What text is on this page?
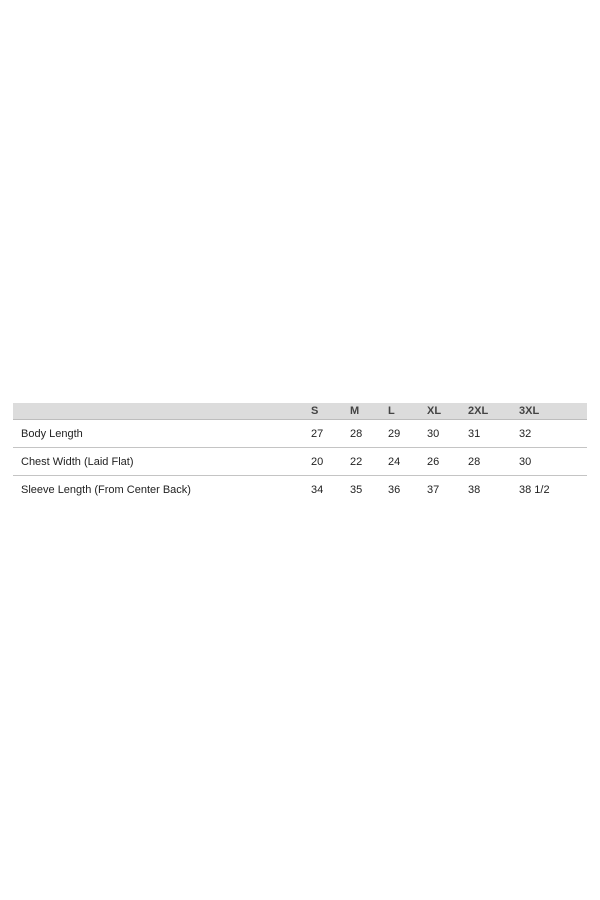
	S	M	L	XL	2XL	3XL
Body Length	27	28	29	30	31	32
Chest Width (Laid Flat)	20	22	24	26	28	30
Sleeve Length (From Center Back)	34	35	36	37	38	38 1/2
